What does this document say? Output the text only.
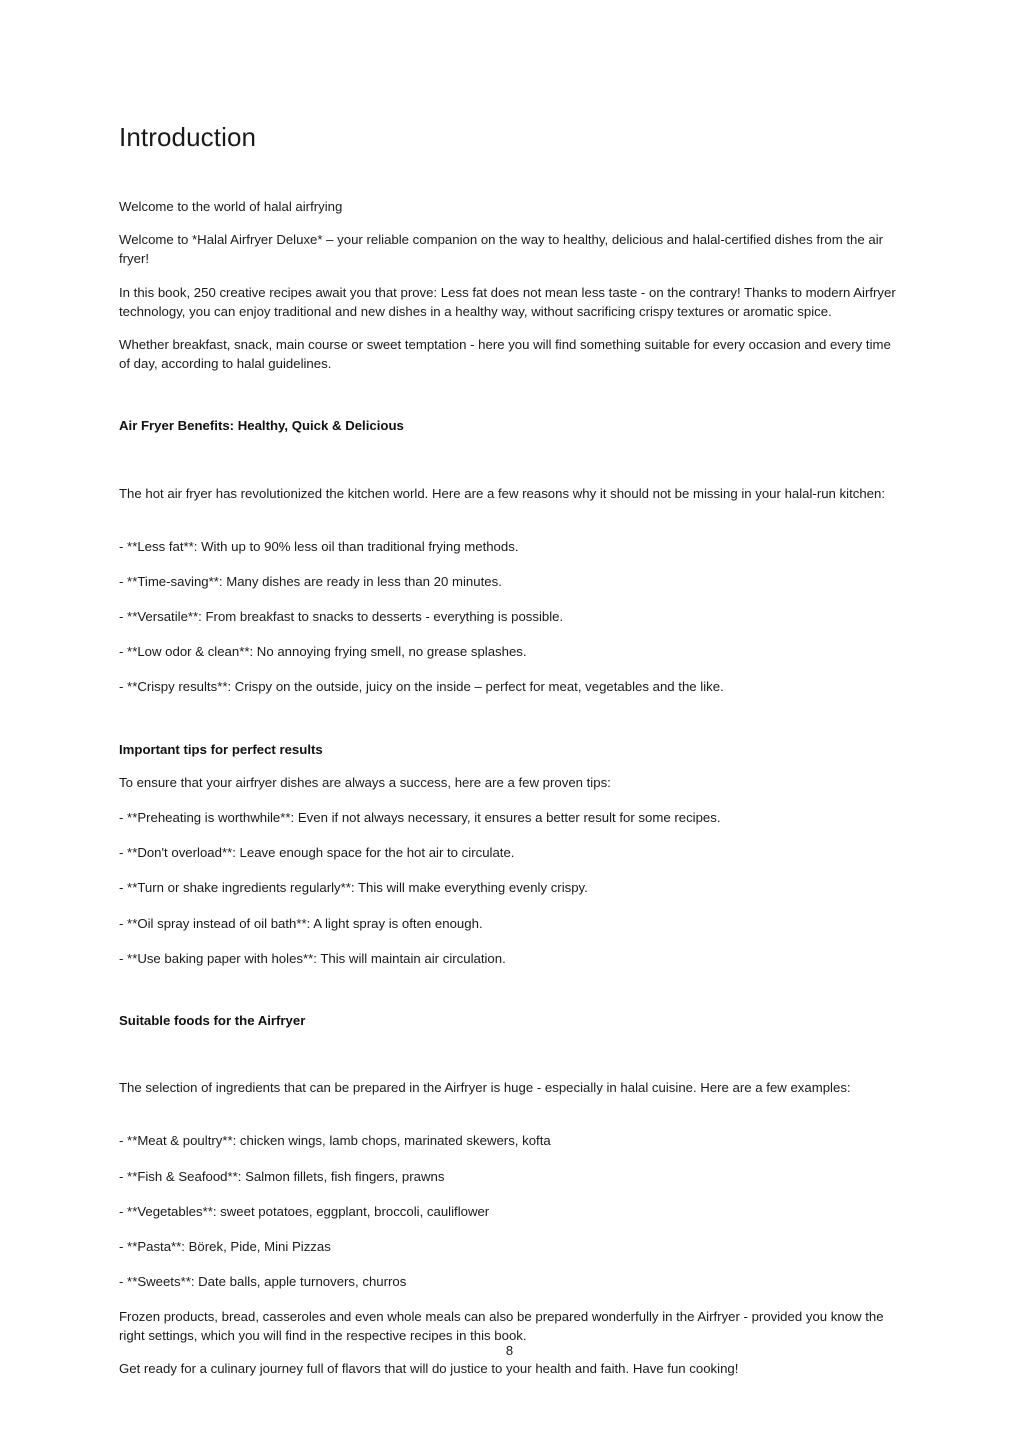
Introduction

Welcome to the world of halal airfrying

Welcome to *Halal Airfryer Deluxe* – your reliable companion on the way to healthy, delicious and halal-certified dishes from the air fryer!

In this book, 250 creative recipes await you that prove: Less fat does not mean less taste - on the contrary! Thanks to modern Airfryer technology, you can enjoy traditional and new dishes in a healthy way, without sacrificing crispy textures or aromatic spice.

Whether breakfast, snack, main course or sweet temptation - here you will find something suitable for every occasion and every time of day, according to halal guidelines.

Air Fryer Benefits: Healthy, Quick & Delicious

The hot air fryer has revolutionized the kitchen world. Here are a few reasons why it should not be missing in your halal-run kitchen:

- **Less fat**: With up to 90% less oil than traditional frying methods.

- **Time-saving**: Many dishes are ready in less than 20 minutes.

- **Versatile**: From breakfast to snacks to desserts - everything is possible.

- **Low odor & clean**: No annoying frying smell, no grease splashes.

- **Crispy results**: Crispy on the outside, juicy on the inside – perfect for meat, vegetables and the like.

Important tips for perfect results

To ensure that your airfryer dishes are always a success, here are a few proven tips:

- **Preheating is worthwhile**: Even if not always necessary, it ensures a better result for some recipes.

- **Don't overload**: Leave enough space for the hot air to circulate.

- **Turn or shake ingredients regularly**: This will make everything evenly crispy.

- **Oil spray instead of oil bath**: A light spray is often enough.

- **Use baking paper with holes**: This will maintain air circulation.

Suitable foods for the Airfryer

The selection of ingredients that can be prepared in the Airfryer is huge - especially in halal cuisine. Here are a few examples:

- **Meat & poultry**: chicken wings, lamb chops, marinated skewers, kofta

- **Fish & Seafood**: Salmon fillets, fish fingers, prawns

- **Vegetables**: sweet potatoes, eggplant, broccoli, cauliflower

- **Pasta**: Börek, Pide, Mini Pizzas

- **Sweets**: Date balls, apple turnovers, churros

Frozen products, bread, casseroles and even whole meals can also be prepared wonderfully in the Airfryer - provided you know the right settings, which you will find in the respective recipes in this book.

Get ready for a culinary journey full of flavors that will do justice to your health and faith. Have fun cooking!

8
